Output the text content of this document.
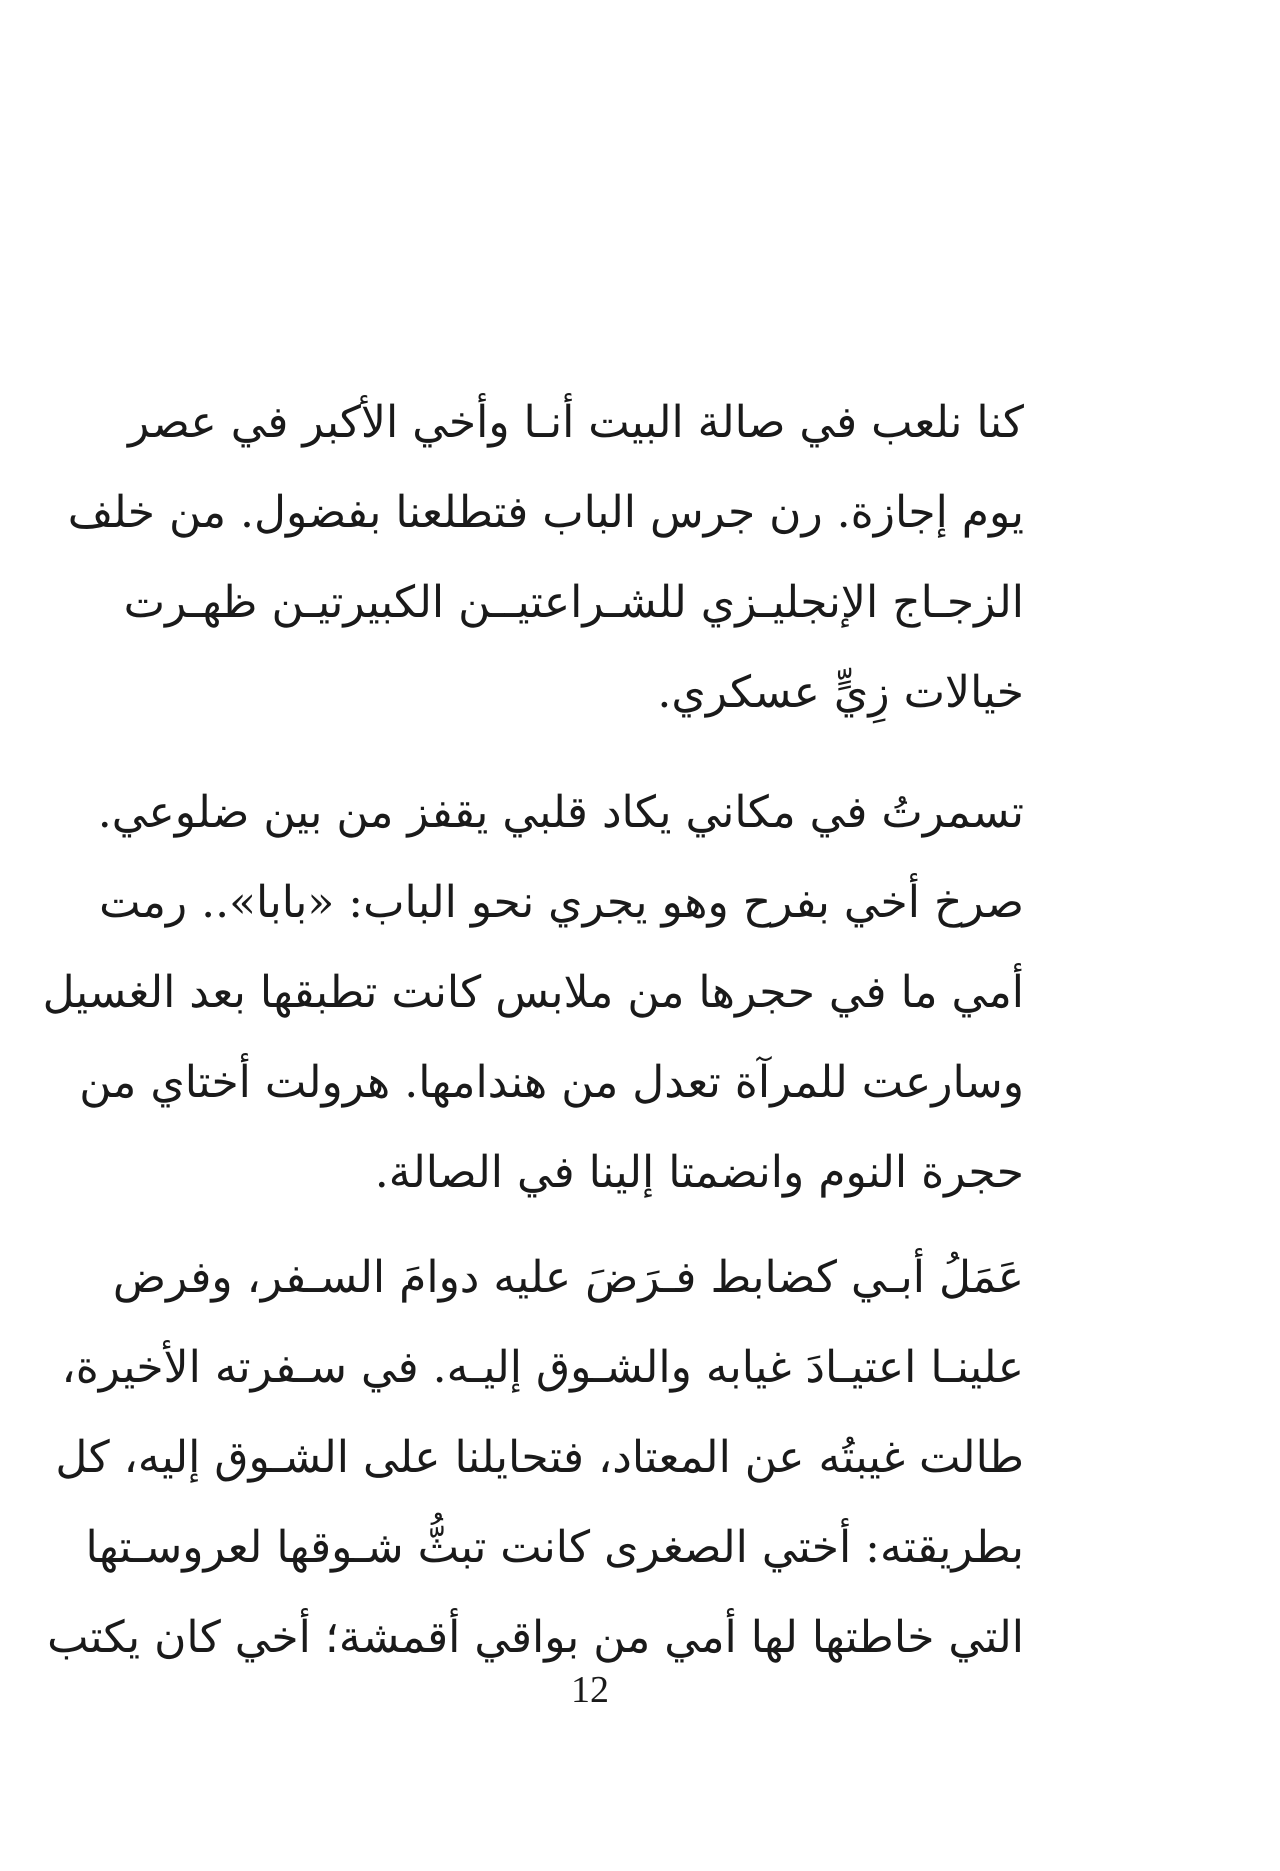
كنا نلعب في صالة البيت أنـا وأخي الأكبر في عصر
يوم إجازة. رن جرس الباب فتطلعنا بفضول. من خلف
الزجـاج الإنجليـزي للشـراعتيــن الكبيرتيـن ظهـرت
خيالات زِيٍّ عسكري.
تسمرتُ في مكاني يكاد قلبي يقفز من بين ضلوعي.
صرخ أخي بفرح وهو يجري نحو الباب: «بابا».. رمت
أمي ما في حجرها من ملابس كانت تطبقها بعد الغسيل
وسارعت للمرآة تعدل من هندامها. هرولت أختاي من
حجرة النوم وانضمتا إلينا في الصالة.
عَمَلُ أبـي كضابط فـرَضَ عليه دوامَ السـفر، وفرض
علينـا اعتيـادَ غيابه والشـوق إليـه. في سـفرته الأخيرة،
طالت غيبتُه عن المعتاد، فتحايلنا على الشـوق إليه، كل
بطريقته: أختي الصغرى كانت تبثُّ شـوقها لعروسـتها
التي خاطتها لها أمي من بواقي أقمشة؛ أخي كان يكتب
12
